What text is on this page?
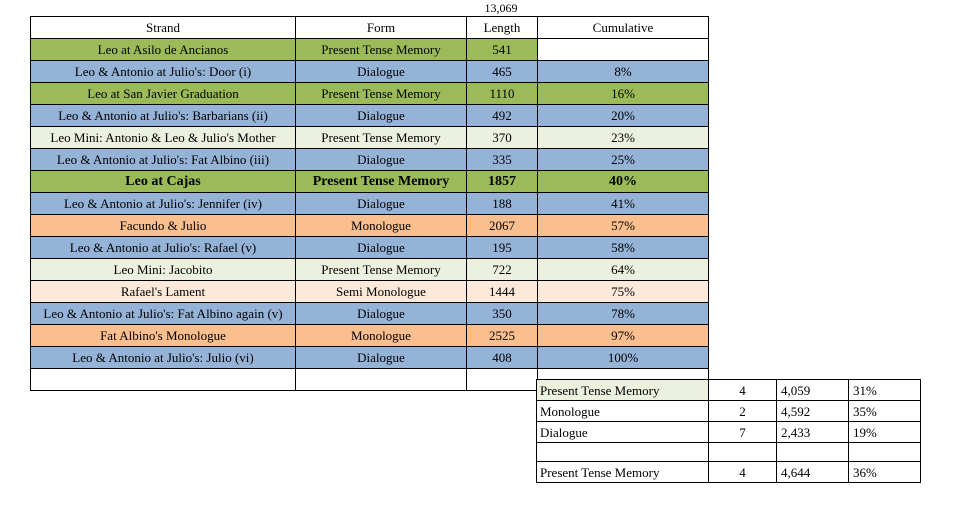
13,069
Strand	Form	Length	Cumulative
Leo at Asilo de Ancianos	Present Tense Memory	541	
Leo & Antonio at Julio's: Door (i)	Dialogue	465	8%
Leo at San Javier Graduation	Present Tense Memory	1110	16%
Leo & Antonio at Julio's: Barbarians (ii)	Dialogue	492	20%
Leo Mini: Antonio & Leo & Julio's Mother	Present Tense Memory	370	23%
Leo & Antonio at Julio's: Fat Albino (iii)	Dialogue	335	25%
Leo at Cajas	Present Tense Memory	1857	40%
Leo & Antonio at Julio's: Jennifer (iv)	Dialogue	188	41%
Facundo & Julio	Monologue	2067	57%
Leo & Antonio at Julio's: Rafael (v)	Dialogue	195	58%
Leo Mini: Jacobito	Present Tense Memory	722	64%
Rafael's Lament	Semi Monologue	1444	75%
Leo & Antonio at Julio's: Fat Albino again (v)	Dialogue	350	78%
Fat Albino's Monologue	Monologue	2525	97%
Leo & Antonio at Julio's: Julio (vi)	Dialogue	408	100%

Present Tense Memory	4	4,059	31%
Monologue	2	4,592	35%
Dialogue	7	2,433	19%

Present Tense Memory	4	4,644	36%
